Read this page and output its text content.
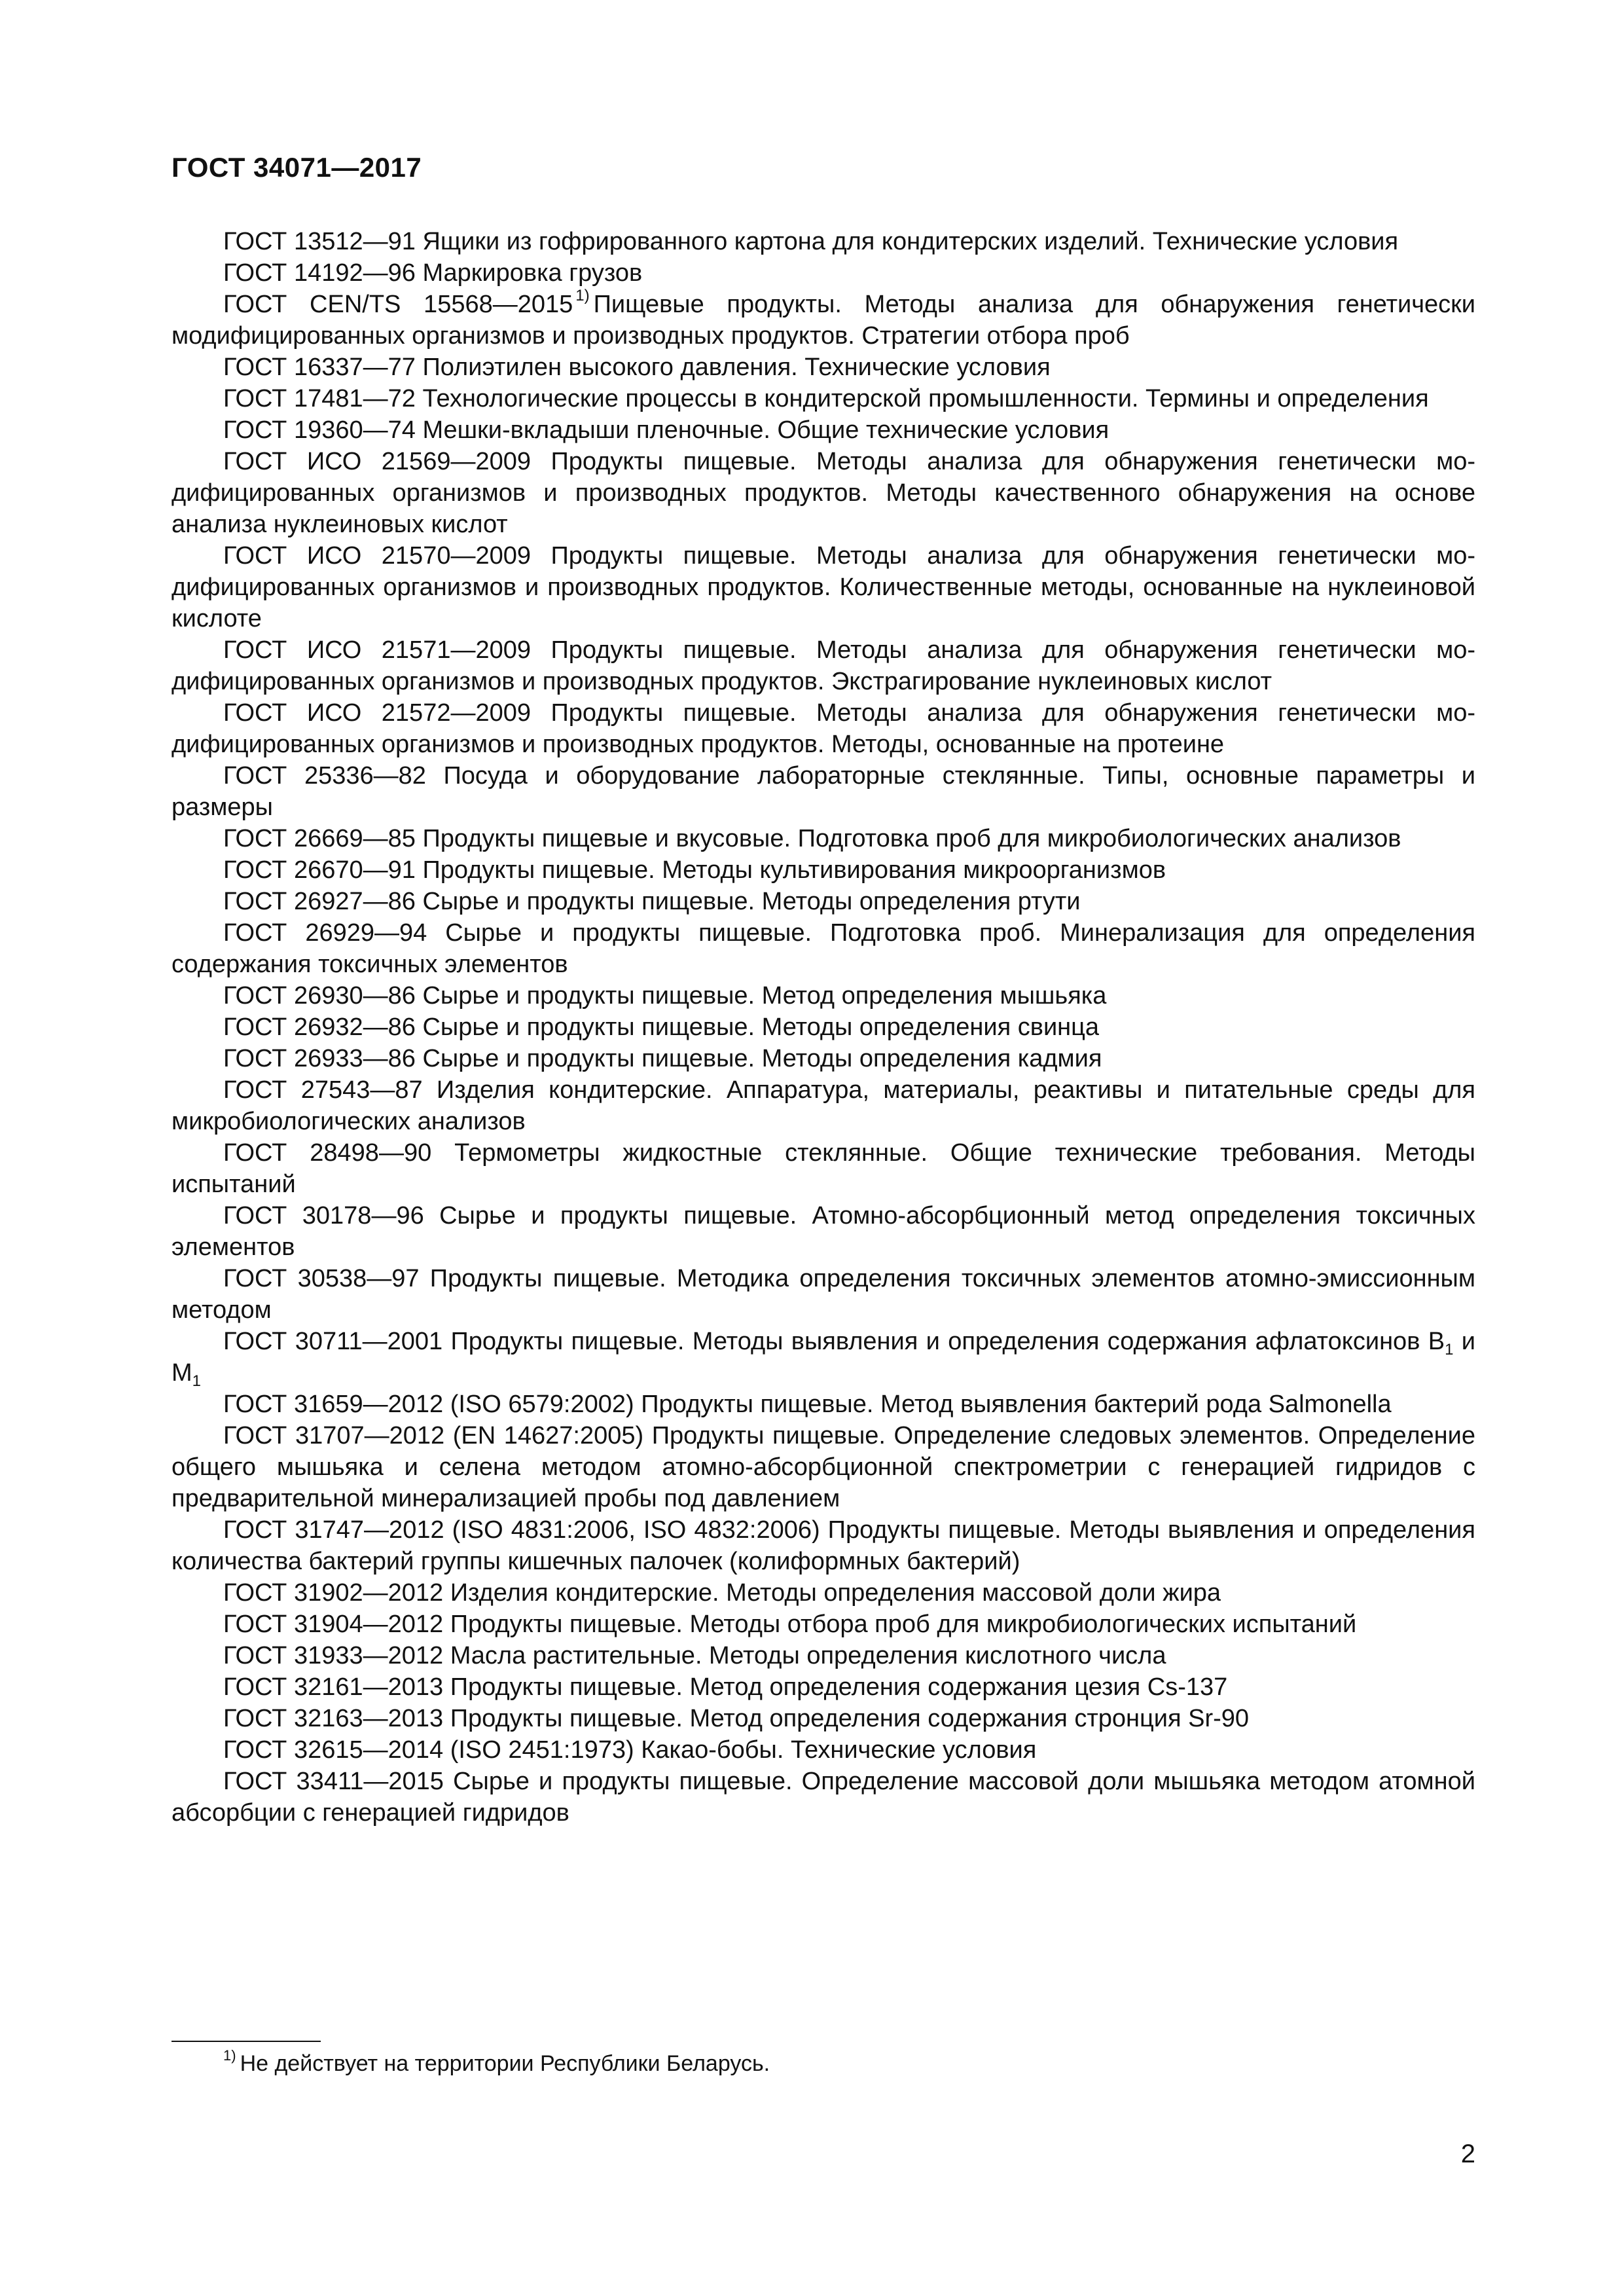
ГОСТ 34071—2017

ГОСТ 13512—91 Ящики из гофрированного картона для кондитерских изделий. Технические условия

ГОСТ 14192—96 Маркировка грузов

ГОСТ CEN/TS 15568—2015 $^{1)}$ Пищевые продукты. Методы анализа для обнаружения генетически модифицированных организмов и производных продуктов. Стратегии отбора проб

ГОСТ 16337—77 Полиэтилен высокого давления. Технические условия

ГОСТ 17481—72 Технологические процессы в кондитерской промышленности. Термины и определения

ГОСТ 19360—74 Мешки-вкладыши пленочные. Общие технические условия

ГОСТ ИСО 21569—2009 Продукты пищевые. Методы анализа для обнаружения генетически модифицированных организмов и производных продуктов. Методы качественного обнаружения на основе анализа нуклеиновых кислот

ГОСТ ИСО 21570—2009 Продукты пищевые. Методы анализа для обнаружения генетически модифицированных организмов и производных продуктов. Количественные методы, основанные на нуклеиновой кислоте

ГОСТ ИСО 21571—2009 Продукты пищевые. Методы анализа для обнаружения генетически модифицированных организмов и производных продуктов. Экстрагирование нуклеиновых кислот

ГОСТ ИСО 21572—2009 Продукты пищевые. Методы анализа для обнаружения генетически модифицированных организмов и производных продуктов. Методы, основанные на протеине

ГОСТ 25336—82 Посуда и оборудование лабораторные стеклянные. Типы, основные параметры и размеры

ГОСТ 26669—85 Продукты пищевые и вкусовые. Подготовка проб для микробиологических анализов

ГОСТ 26670—91 Продукты пищевые. Методы культивирования микроорганизмов

ГОСТ 26927—86 Сырье и продукты пищевые. Методы определения ртути

ГОСТ 26929—94 Сырье и продукты пищевые. Подготовка проб. Минерализация для определения содержания токсичных элементов

ГОСТ 26930—86 Сырье и продукты пищевые. Метод определения мышьяка

ГОСТ 26932—86 Сырье и продукты пищевые. Методы определения свинца

ГОСТ 26933—86 Сырье и продукты пищевые. Методы определения кадмия

ГОСТ 27543—87 Изделия кондитерские. Аппаратура, материалы, реактивы и питательные среды для микробиологических анализов

ГОСТ 28498—90 Термометры жидкостные стеклянные. Общие технические требования. Методы испытаний

ГОСТ 30178—96 Сырье и продукты пищевые. Атомно-абсорбционный метод определения токсичных элементов

ГОСТ 30538—97 Продукты пищевые. Методика определения токсичных элементов атомно-эмиссионным методом

ГОСТ 30711—2001 Продукты пищевые. Методы выявления и определения содержания афлатоксинов $B_1$ и $M_1$

ГОСТ 31659—2012 (ISO 6579:2002) Продукты пищевые. Метод выявления бактерий рода Salmonella

ГОСТ 31707—2012 (EN 14627:2005) Продукты пищевые. Определение следовых элементов. Определение общего мышьяка и селена методом атомно-абсорбционной спектрометрии с генерацией гидридов с предварительной минерализацией пробы под давлением

ГОСТ 31747—2012 (ISO 4831:2006, ISO 4832:2006) Продукты пищевые. Методы выявления и определения количества бактерий группы кишечных палочек (колиформных бактерий)

ГОСТ 31902—2012 Изделия кондитерские. Методы определения массовой доли жира

ГОСТ 31904—2012 Продукты пищевые. Методы отбора проб для микробиологических испытаний

ГОСТ 31933—2012 Масла растительные. Методы определения кислотного числа

ГОСТ 32161—2013 Продукты пищевые. Метод определения содержания цезия Cs-137

ГОСТ 32163—2013 Продукты пищевые. Метод определения содержания стронция Sr-90

ГОСТ 32615—2014 (ISO 2451:1973) Какао-бобы. Технические условия

ГОСТ 33411—2015 Сырье и продукты пищевые. Определение массовой доли мышьяка методом атомной абсорбции с генерацией гидридов

$^{1)}$ Не действует на территории Республики Беларусь.
2
